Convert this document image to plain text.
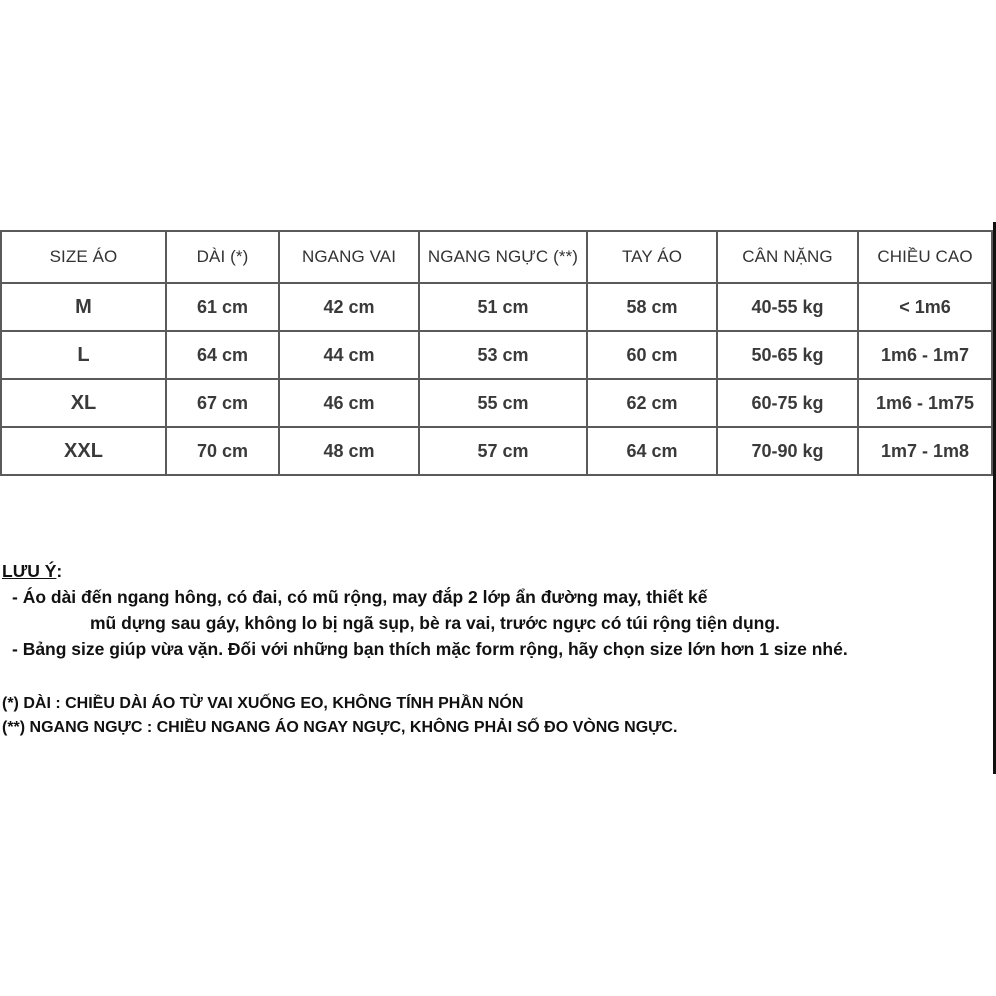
SIZE ÁO	DÀI (*)	NGANG VAI	NGANG NGỰC (**)	TAY ÁO	CÂN NẶNG	CHIỀU CAO
M	61 cm	42 cm	51 cm	58 cm	40-55 kg	< 1m6
L	64 cm	44 cm	53 cm	60 cm	50-65 kg	1m6 - 1m7
XL	67 cm	46 cm	55 cm	62 cm	60-75 kg	1m6 - 1m75
XXL	70 cm	48 cm	57 cm	64 cm	70-90 kg	1m7 - 1m8
LƯU Ý:
- Áo dài đến ngang hông, có đai, có mũ rộng, may đắp 2 lớp ẩn đường may, thiết kế
mũ dựng sau gáy, không lo bị ngã sụp, bè ra vai, trước ngực có túi rộng tiện dụng.
- Bảng size giúp vừa vặn. Đối với những bạn thích mặc form rộng, hãy chọn size lớn hơn 1 size nhé.
(*) DÀI : CHIỀU DÀI ÁO TỪ VAI XUỐNG EO, KHÔNG TÍNH PHẦN NÓN
(**) NGANG NGỰC : CHIỀU NGANG ÁO NGAY NGỰC, KHÔNG PHẢI SỐ ĐO VÒNG NGỰC.
